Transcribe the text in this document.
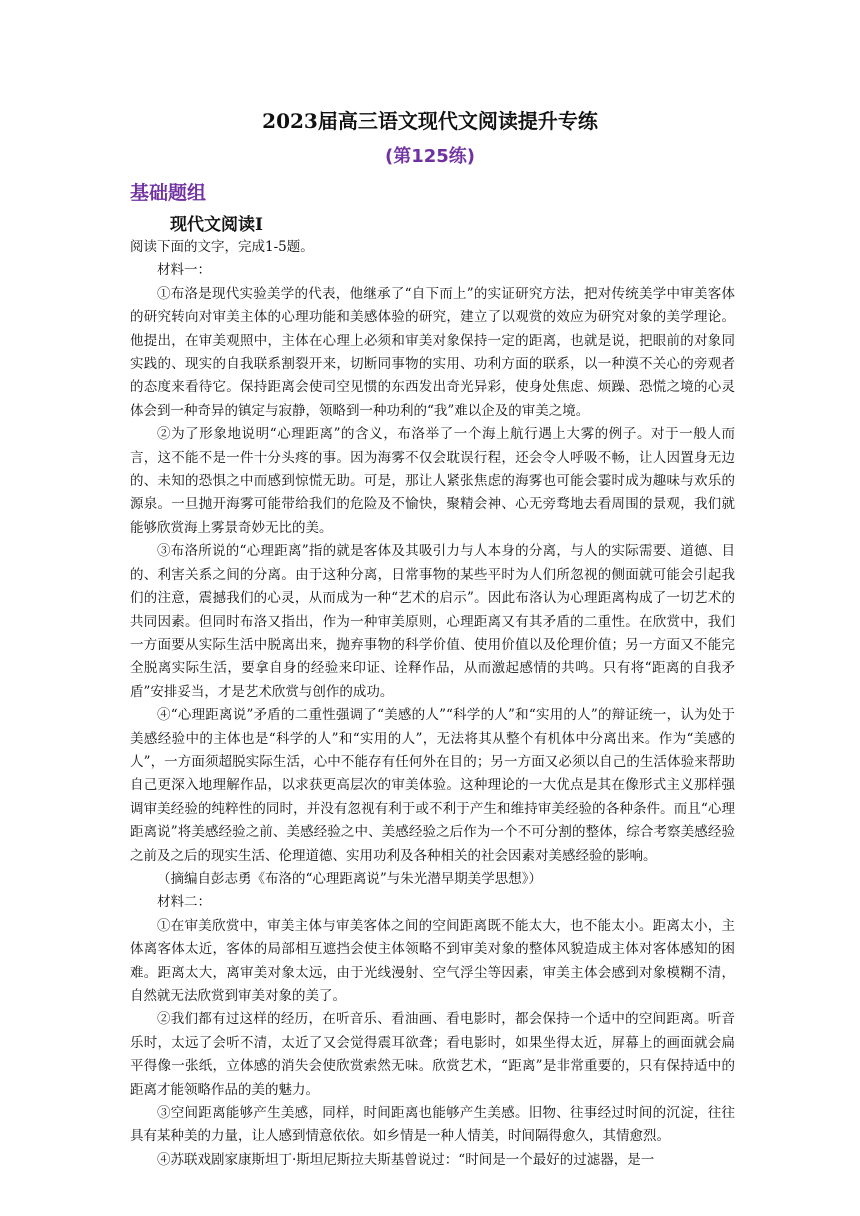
2023届高三语文现代文阅读提升专练
(第125练)
基础题组
现代文阅读Ⅰ

阅读下面的文字，完成1-5题。

材料一：

①布洛是现代实验美学的代表，他继承了“自下而上”的实证研究方法，把对传统美学中审美客体的研究转向对审美主体的心理功能和美感体验的研究，建立了以观赏的效应为研究对象的美学理论。他提出，在审美观照中，主体在心理上必须和审美对象保持一定的距离，也就是说，把眼前的对象同实践的、现实的自我联系割裂开来，切断同事物的实用、功利方面的联系，以一种漠不关心的旁观者的态度来看待它。保持距离会使司空见惯的东西发出奇光异彩，使身处焦虑、烦躁、恐慌之境的心灵体会到一种奇异的镇定与寂静，领略到一种功利的“我”难以企及的审美之境。

②为了形象地说明“心理距离”的含义，布洛举了一个海上航行遇上大雾的例子。对于一般人而言，这不能不是一件十分头疼的事。因为海雾不仅会耽误行程，还会令人呼吸不畅，让人因置身无边的、未知的恐惧之中而感到惊慌无助。可是，那让人紧张焦虑的海雾也可能会霎时成为趣味与欢乐的源泉。一旦抛开海雾可能带给我们的危险及不愉快，聚精会神、心无旁骛地去看周围的景观，我们就能够欣赏海上雾景奇妙无比的美。

③布洛所说的“心理距离”指的就是客体及其吸引力与人本身的分离，与人的实际需要、道德、目的、利害关系之间的分离。由于这种分离，日常事物的某些平时为人们所忽视的侧面就可能会引起我们的注意，震撼我们的心灵，从而成为一种“艺术的启示”。因此布洛认为心理距离构成了一切艺术的共同因素。但同时布洛又指出，作为一种审美原则，心理距离又有其矛盾的二重性。在欣赏中，我们一方面要从实际生活中脱离出来，抛弃事物的科学价值、使用价值以及伦理价值；另一方面又不能完全脱离实际生活，要拿自身的经验来印证、诠释作品，从而激起感情的共鸣。只有将“距离的自我矛盾”安排妥当，才是艺术欣赏与创作的成功。

④“心理距离说”矛盾的二重性强调了“美感的人”“科学的人”和“实用的人”的辩证统一，认为处于美感经验中的主体也是“科学的人”和“实用的人”，无法将其从整个有机体中分离出来。作为“美感的人”，一方面须超脱实际生活，心中不能存有任何外在目的；另一方面又必须以自己的生活体验来帮助自己更深入地理解作品，以求获更高层次的审美体验。这种理论的一大优点是其在像形式主义那样强调审美经验的纯粹性的同时，并没有忽视有利于或不利于产生和维持审美经验的各种条件。而且“心理距离说”将美感经验之前、美感经验之中、美感经验之后作为一个不可分割的整体，综合考察美感经验之前及之后的现实生活、伦理道德、实用功利及各种相关的社会因素对美感经验的影响。

（摘编自彭志勇《布洛的“心理距离说”与朱光潜早期美学思想》）

材料二：

①在审美欣赏中，审美主体与审美客体之间的空间距离既不能太大，也不能太小。距离太小，主体离客体太近，客体的局部相互遮挡会使主体领略不到审美对象的整体风貌造成主体对客体感知的困难。距离太大，离审美对象太远，由于光线漫射、空气浮尘等因素，审美主体会感到对象模糊不清，自然就无法欣赏到审美对象的美了。

②我们都有过这样的经历，在听音乐、看油画、看电影时，都会保持一个适中的空间距离。听音乐时，太远了会听不清，太近了又会觉得震耳欲聋；看电影时，如果坐得太近，屏幕上的画面就会扁平得像一张纸，立体感的消失会使欣赏索然无味。欣赏艺术，“距离”是非常重要的，只有保持适中的距离才能领略作品的美的魅力。

③空间距离能够产生美感，同样，时间距离也能够产生美感。旧物、往事经过时间的沉淀，往往具有某种美的力量，让人感到情意依依。如乡情是一种人情美，时间隔得愈久，其情愈烈。

④苏联戏剧家康斯坦丁·斯坦尼斯拉夫斯基曾说过：“时间是一个最好的过滤器，是一
